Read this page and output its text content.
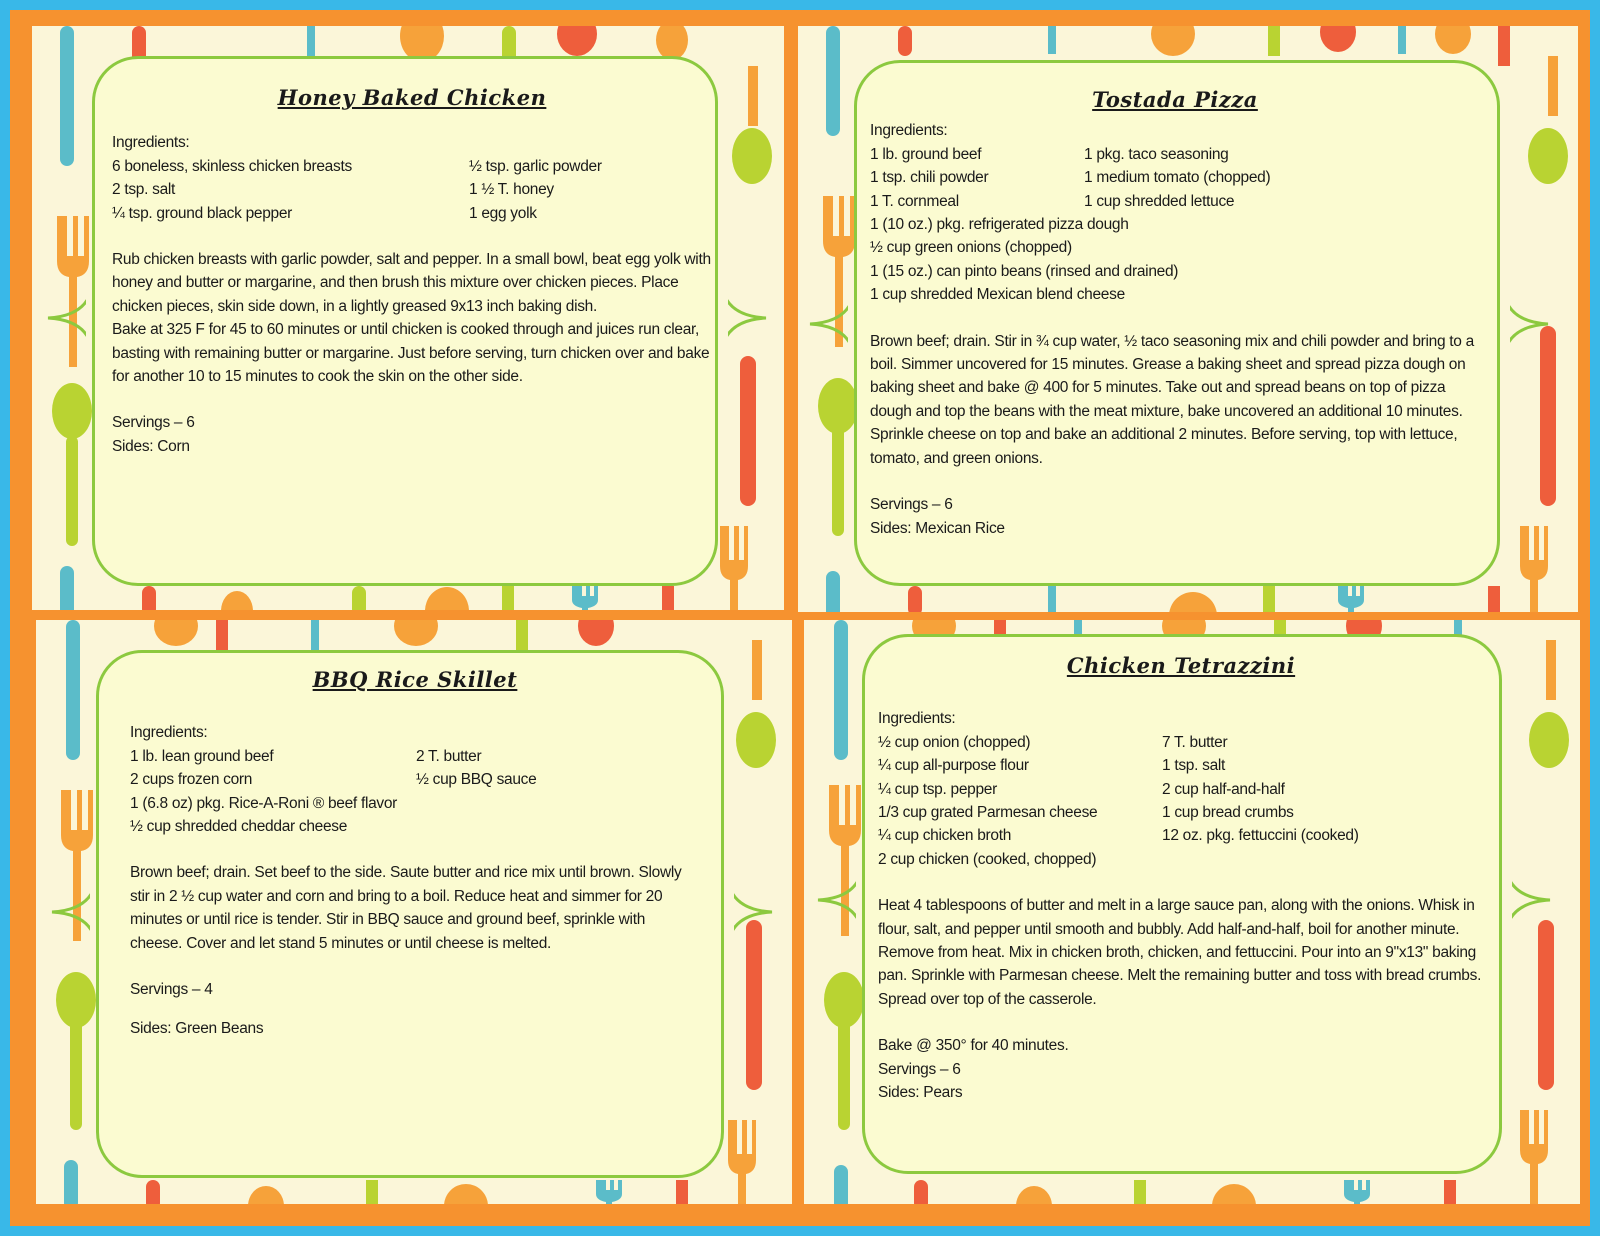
Honey Baked Chicken
Ingredients:
6 boneless, skinless chicken breasts
2 tsp. salt
¼ tsp. ground black pepper
½ tsp. garlic powder
1 ½ T. honey
1 egg yolk

Rub chicken breasts with garlic powder, salt and pepper. In a small bowl, beat egg yolk with honey and butter or margarine, and then brush this mixture over chicken pieces. Place chicken pieces, skin side down, in a lightly greased 9x13 inch baking dish.

Bake at 325 F for 45 to 60 minutes or until chicken is cooked through and juices run clear, basting with remaining butter or margarine. Just before serving, turn chicken over and bake for another 10 to 15 minutes to cook the skin on the other side.

Servings – 6
Sides: Corn
Tostada Pizza
Ingredients:
1 lb. ground beef
1 tsp. chili powder
1 T. cornmeal
1 pkg. taco seasoning
1 medium tomato (chopped)
1 cup shredded lettuce
1 (10 oz.) pkg. refrigerated pizza dough
½ cup green onions (chopped)
1 (15 oz.) can pinto beans (rinsed and drained)
1 cup shredded Mexican blend cheese

Brown beef; drain. Stir in ¾ cup water, ½ taco seasoning mix and chili powder and bring to a boil. Simmer uncovered for 15 minutes. Grease a baking sheet and spread pizza dough on baking sheet and bake @ 400 for 5 minutes. Take out and spread beans on top of pizza dough and top the beans with the meat mixture, bake uncovered an additional 10 minutes. Sprinkle cheese on top and bake an additional 2 minutes. Before serving, top with lettuce, tomato, and green onions.

Servings – 6
Sides: Mexican Rice
BBQ Rice Skillet
Ingredients:
1 lb. lean ground beef
2 cups frozen corn
2 T. butter
½ cup BBQ sauce
1 (6.8 oz) pkg. Rice-A-Roni ® beef flavor
½ cup shredded cheddar cheese

Brown beef; drain. Set beef to the side. Saute butter and rice mix until brown. Slowly stir in 2 ½ cup water and corn and bring to a boil. Reduce heat and simmer for 20 minutes or until rice is tender. Stir in BBQ sauce and ground beef, sprinkle with cheese. Cover and let stand 5 minutes or until cheese is melted.

Servings – 4
Sides: Green Beans
Chicken Tetrazzini
Ingredients:
½ cup onion (chopped)
¼ cup all-purpose flour
¼ cup tsp. pepper
1/3 cup grated Parmesan cheese
¼ cup chicken broth
2 cup chicken (cooked, chopped)
7 T. butter
1 tsp. salt
2 cup half-and-half
1 cup bread crumbs
12 oz. pkg. fettuccini (cooked)

Heat 4 tablespoons of butter and melt in a large sauce pan, along with the onions. Whisk in flour, salt, and pepper until smooth and bubbly. Add half-and-half, boil for another minute. Remove from heat. Mix in chicken broth, chicken, and fettuccini. Pour into an 9"x13" baking pan. Sprinkle with Parmesan cheese. Melt the remaining butter and toss with bread crumbs. Spread over top of the casserole.

Bake @ 350° for 40 minutes.

Servings – 6
Sides: Pears
